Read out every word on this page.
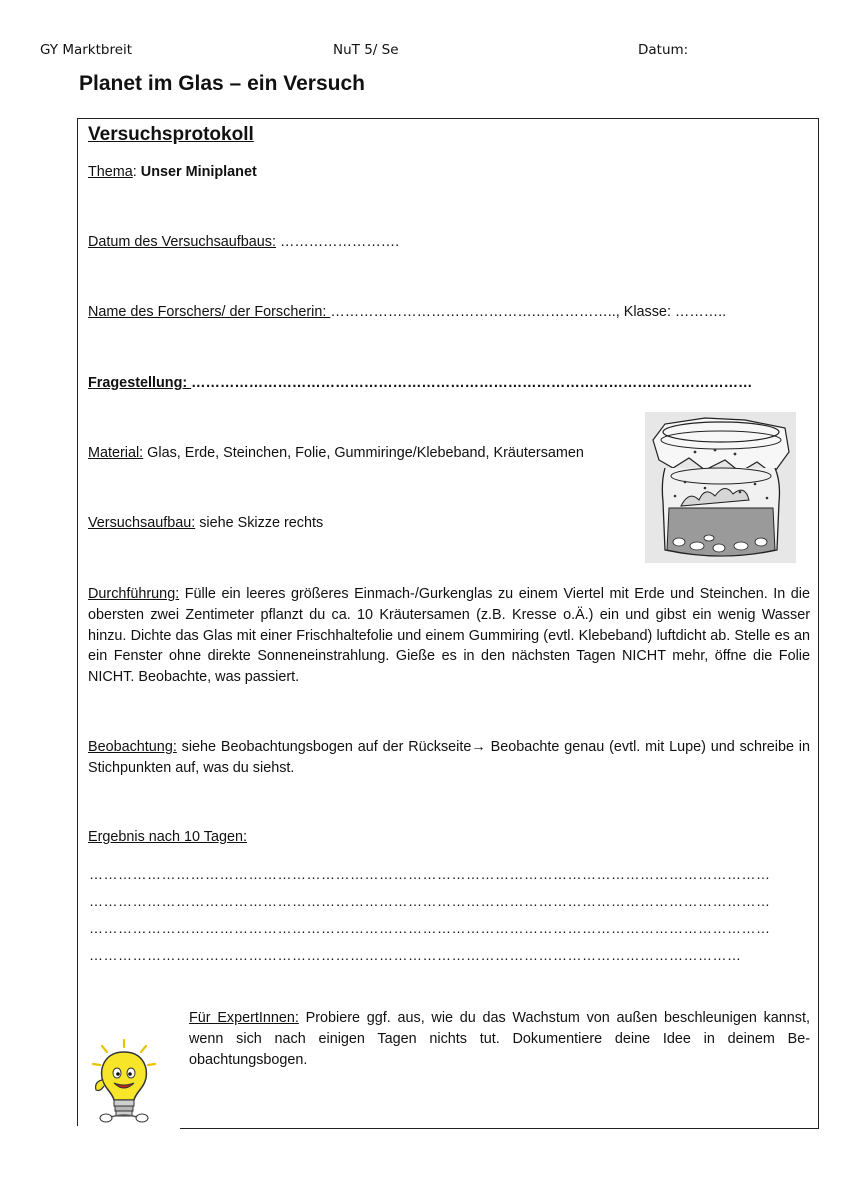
GY Marktbreit	NuT 5/ Se	Datum:
Planet im Glas – ein Versuch
Versuchsprotokoll
Thema: Unser Miniplanet
Datum des Versuchsaufbaus: …………………….
Name des Forschers/ der Forscherin: …………………………………….…………….., Klasse: ………..
Fragestellung: ………………………………………………………………………………………………………
Material: Glas, Erde, Steinchen, Folie, Gummiringe/Klebeband, Kräutersamen
Versuchsaufbau: siehe Skizze rechts
Durchführung: Fülle ein leeres größeres Einmach-/Gurkenglas zu einem Viertel mit Erde und Steinchen. In die obersten zwei Zentimeter pflanzt du ca. 10 Kräutersamen (z.B. Kresse o.Ä.) ein und gibst ein wenig Wasser hinzu. Dichte das Glas mit einer Frischhaltefolie und einem Gummiring (evtl. Klebeband) luftdicht ab. Stelle es an ein Fenster ohne direkte Sonneneinstrahlung. Gieße es in den nächsten Tagen NICHT mehr, öffne die Folie NICHT. Beobachte, was passiert.
Beobachtung: siehe Beobachtungsbogen auf der Rückseite→ Beobachte genau (evtl. mit Lupe) und schreibe in Stichpunkten auf, was du siehst.
Ergebnis nach 10 Tagen:
……………………………………………………………………………………………………………………………
……………………………………………………………………………………………………………………………
……………………………………………………………………………………………………………………………
………………………………………………………………………………………………………………………
Für ExpertInnen: Probiere ggf. aus, wie du das Wachstum von außen beschleunigen kannst, wenn sich nach einigen Tagen nichts tut. Dokumentiere deine Idee in deinem Be-obachtungsbogen.
